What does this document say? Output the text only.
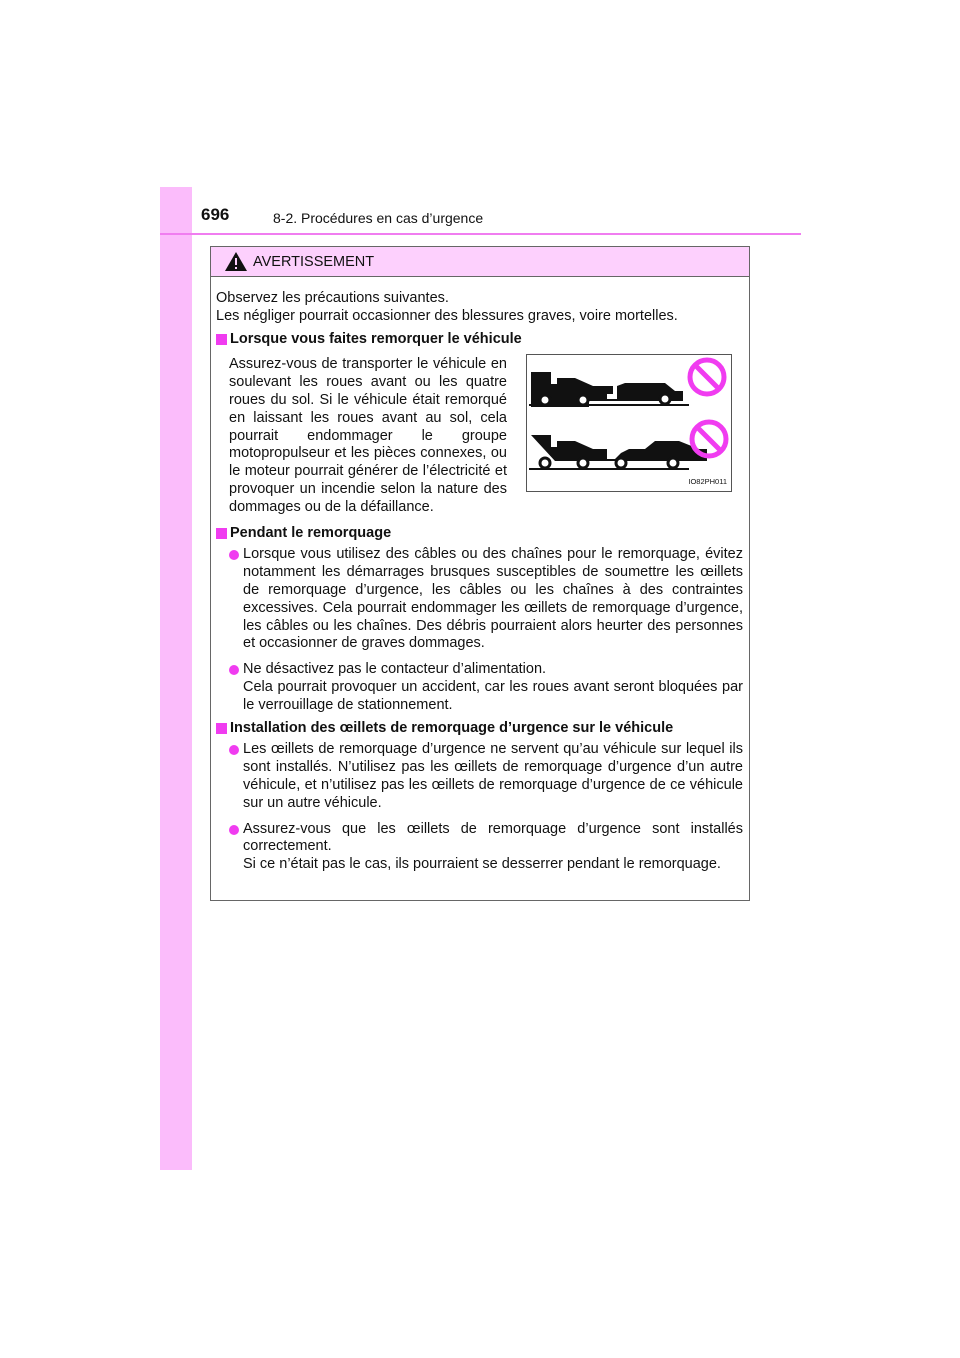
696	8-2. Procédures en cas d’urgence
AVERTISSEMENT

Observez les précautions suivantes.

Les négliger pourrait occasionner des blessures graves, voire mortelles.

Lorsque vous faites remorquer le véhicule

Assurez-vous de transporter le véhicule en soulevant les roues avant ou les quatre roues du sol. Si le véhicule était remorqué en laissant les roues avant au sol, cela pourrait endommager le groupe motopropulseur et les pièces connexes, ou le moteur pourrait générer de l’électricité et provoquer un incendie selon la nature des dommages ou de la défaillance.
IO82PH011

Pendant le remorquage

Lorsque vous utilisez des câbles ou des chaînes pour le remorquage, évitez notamment les démarrages brusques susceptibles de soumettre les œillets de remorquage d’urgence, les câbles ou les chaînes à des contraintes excessives. Cela pourrait endommager les œillets de remorquage d’urgence, les câbles ou les chaînes. Des débris pourraient alors heurter des personnes et occasionner de graves dommages.
Ne désactivez pas le contacteur d’alimentation.
Cela pourrait provoquer un accident, car les roues avant seront bloquées par le verrouillage de stationnement.

Installation des œillets de remorquage d’urgence sur le véhicule

Les œillets de remorquage d’urgence ne servent qu’au véhicule sur lequel ils sont installés. N’utilisez pas les œillets de remorquage d’urgence d’un autre véhicule, et n’utilisez pas les œillets de remorquage d’urgence de ce véhicule sur un autre véhicule.
Assurez-vous que les œillets de remorquage d’urgence sont installés correctement.
Si ce n’était pas le cas, ils pourraient se desserrer pendant le remorquage.
